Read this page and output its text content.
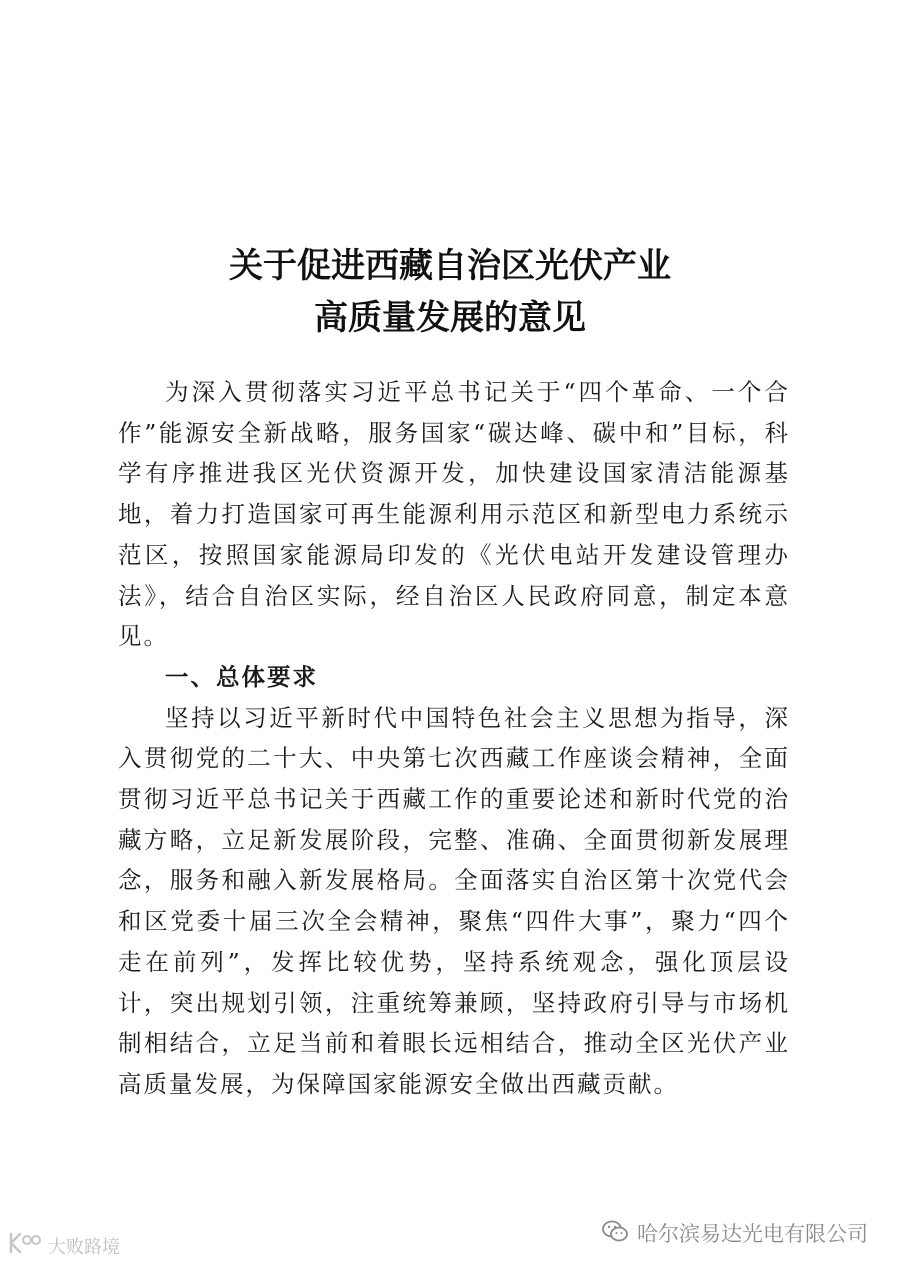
关于促进西藏自治区光伏产业
高质量发展的意见

为深入贯彻落实习近平总书记关于“四个革命、一个合作”能源安全新战略，服务国家“碳达峰、碳中和”目标，科学有序推进我区光伏资源开发，加快建设国家清洁能源基地，着力打造国家可再生能源利用示范区和新型电力系统示范区，按照国家能源局印发的《光伏电站开发建设管理办法》，结合自治区实际，经自治区人民政府同意，制定本意见。

一、总体要求

坚持以习近平新时代中国特色社会主义思想为指导，深入贯彻党的二十大、中央第七次西藏工作座谈会精神，全面贯彻习近平总书记关于西藏工作的重要论述和新时代党的治藏方略，立足新发展阶段，完整、准确、全面贯彻新发展理念，服务和融入新发展格局。全面落实自治区第十次党代会和区党委十届三次全会精神，聚焦“四件大事”，聚力“四个走在前列”，发挥比较优势，坚持系统观念，强化顶层设计，突出规划引领，注重统筹兼顾，坚持政府引导与市场机制相结合，立足当前和着眼长远相结合，推动全区光伏产业高质量发展，为保障国家能源安全做出西藏贡献。

大败路境
哈尔滨易达光电有限公司
